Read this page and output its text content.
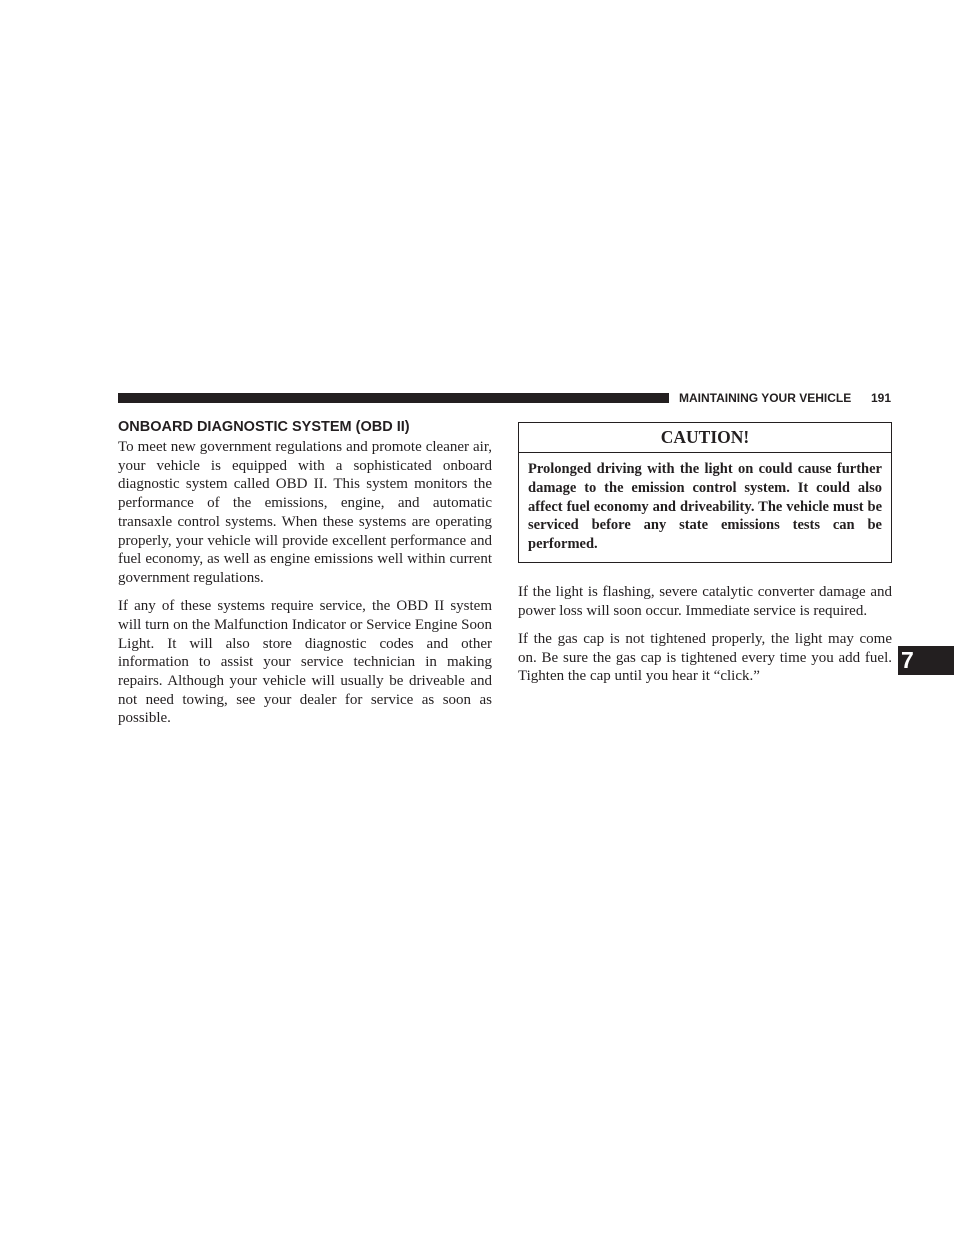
MAINTAINING YOUR VEHICLE 191
ONBOARD DIAGNOSTIC SYSTEM (OBD II)

To meet new government regulations and promote cleaner air, your vehicle is equipped with a sophisticated onboard diagnostic system called OBD II. This system monitors the performance of the emissions, engine, and automatic transaxle control systems. When these systems are operating properly, your vehicle will provide excellent performance and fuel economy, as well as engine emissions well within current government regulations.

If any of these systems require service, the OBD II system will turn on the Malfunction Indicator or Service Engine Soon Light. It will also store diagnostic codes and other information to assist your service technician in making repairs. Although your vehicle will usually be driveable and not need towing, see your dealer for service as soon as possible.

CAUTION!
Prolonged driving with the light on could cause further damage to the emission control system. It could also affect fuel economy and driveability. The vehicle must be serviced before any state emissions tests can be performed.

If the light is flashing, severe catalytic converter damage and power loss will soon occur. Immediate service is required.

If the gas cap is not tightened properly, the light may come on. Be sure the gas cap is tightened every time you add fuel. Tighten the cap until you hear it “click.”

7
